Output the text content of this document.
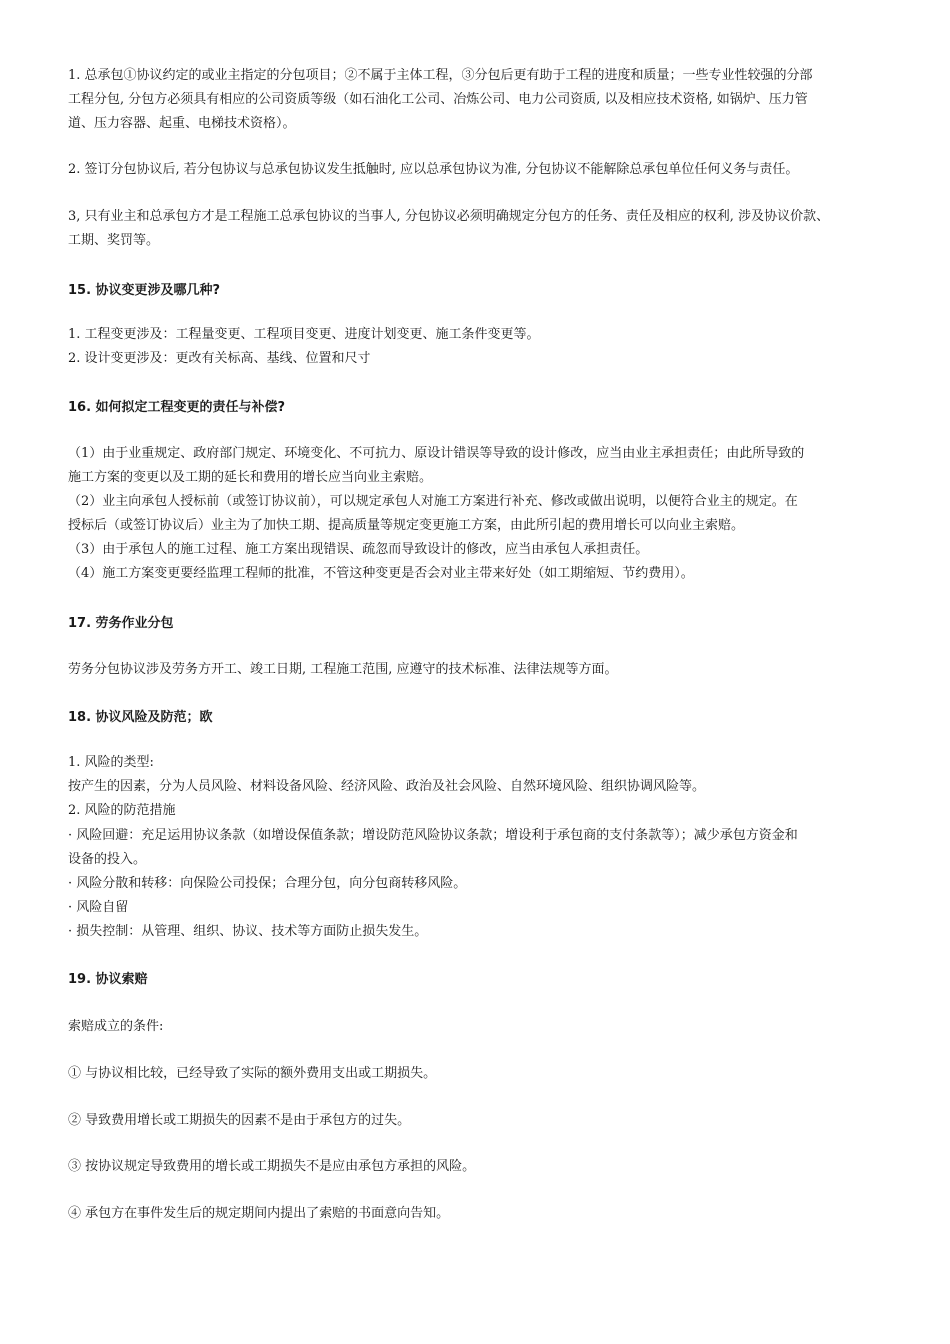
1. 总承包①协议约定的或业主指定的分包项目；②不属于主体工程，③分包后更有助于工程的进度和质量；一些专业性较强的分部
工程分包, 分包方必须具有相应的公司资质等级（如石油化工公司、冶炼公司、电力公司资质, 以及相应技术资格, 如锅炉、压力管
道、压力容器、起重、电梯技术资格）。
2. 签订分包协议后, 若分包协议与总承包协议发生抵触时, 应以总承包协议为准, 分包协议不能解除总承包单位任何义务与责任。
3, 只有业主和总承包方才是工程施工总承包协议的当事人, 分包协议必须明确规定分包方的任务、责任及相应的权利, 涉及协议价款、
工期、奖罚等。
15. 协议变更涉及哪几种?
1. 工程变更涉及：工程量变更、工程项目变更、进度计划变更、施工条件变更等。
2. 设计变更涉及：更改有关标高、基线、位置和尺寸
16. 如何拟定工程变更的责任与补偿?
（1）由于业重规定、政府部门规定、环境变化、不可抗力、原设计错误等导致的设计修改，应当由业主承担责任；由此所导致的
施工方案的变更以及工期的延长和费用的增长应当向业主索赔。
（2）业主向承包人授标前（或签订协议前），可以规定承包人对施工方案进行补充、修改或做出说明，以便符合业主的规定。在
授标后（或签订协议后）业主为了加快工期、提高质量等规定变更施工方案，由此所引起的费用增长可以向业主索赔。
（3）由于承包人的施工过程、施工方案出现错误、疏忽而导致设计的修改，应当由承包人承担责任。
（4）施工方案变更要经监理工程师的批准，不管这种变更是否会对业主带来好处（如工期缩短、节约费用）。
17. 劳务作业分包
劳务分包协议涉及劳务方开工、竣工日期, 工程施工范围, 应遵守的技术标准、法律法规等方面。
18. 协议风险及防范；欧
1. 风险的类型:
按产生的因素，分为人员风险、材料设备风险、经济风险、政治及社会风险、自然环境风险、组织协调风险等。
2. 风险的防范措施
· 风险回避：充足运用协议条款（如增设保值条款；增设防范风险协议条款；增设利于承包商的支付条款等）；减少承包方资金和
设备的投入。
· 风险分散和转移：向保险公司投保；合理分包，向分包商转移风险。
· 风险自留
· 损失控制：从管理、组织、协议、技术等方面防止损失发生。
19. 协议索赔
索赔成立的条件:
① 与协议相比较，已经导致了实际的额外费用支出或工期损失。
② 导致费用增长或工期损失的因素不是由于承包方的过失。
③ 按协议规定导致费用的增长或工期损失不是应由承包方承担的风险。
④ 承包方在事件发生后的规定期间内提出了索赔的书面意向告知。
